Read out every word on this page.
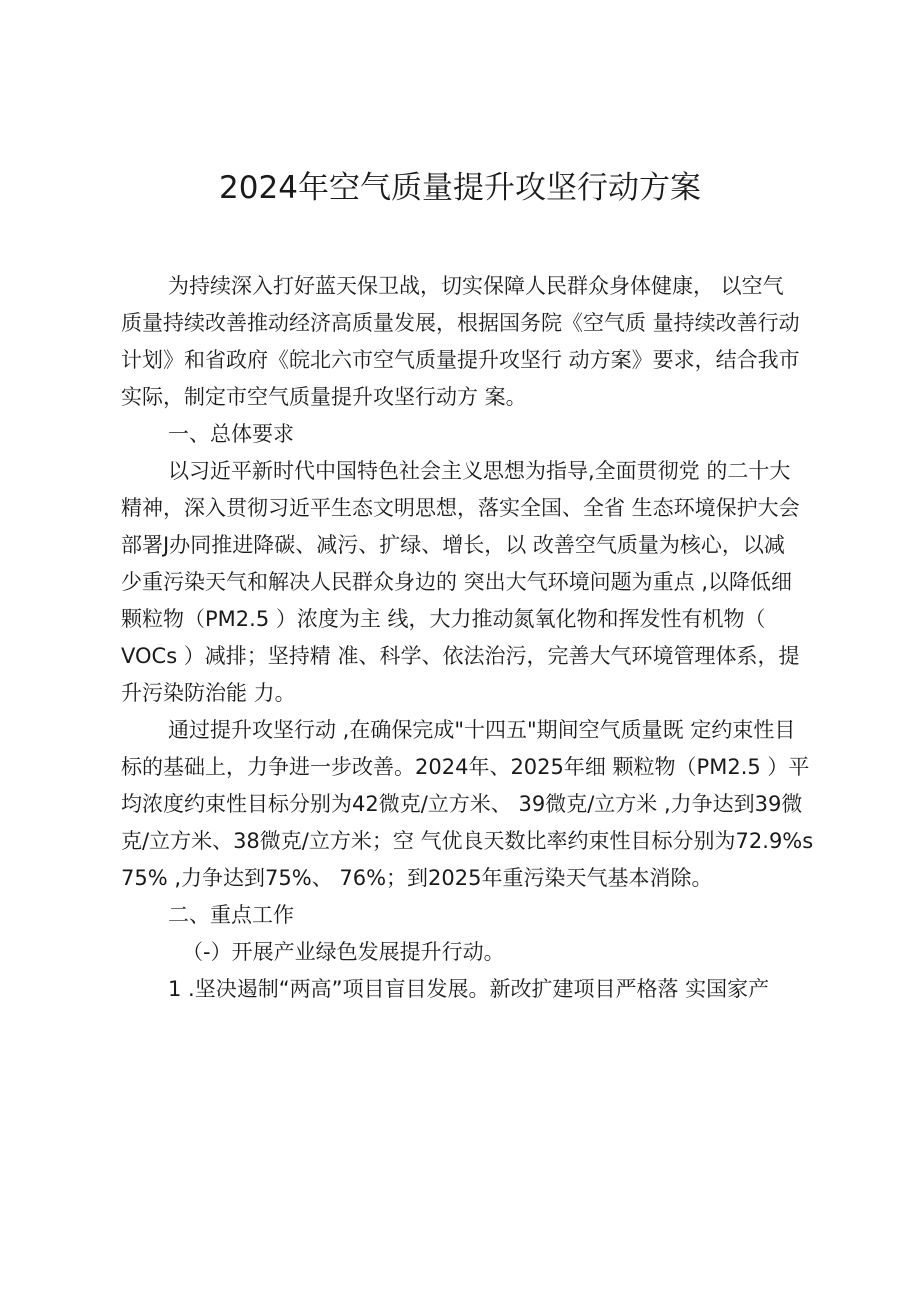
2024年空气质量提升攻坚行动方案
为持续深入打好蓝天保卫战，切实保障人民群众身体健康， 以空气
质量持续改善推动经济高质量发展，根据国务院《空气质 量持续改善行动
计划》和省政府《皖北六市空气质量提升攻坚行 动方案》要求，结合我市
实际，制定市空气质量提升攻坚行动方 案。
一、总体要求
以习近平新时代中国特色社会主义思想为指导,全面贯彻党 的二十大
精神，深入贯彻习近平生态文明思想，落实全国、全省 生态环境保护大会
部署J办同推进降碳、减污、扩绿、增长，以 改善空气质量为核心，以减
少重污染天气和解决人民群众身边的 突出大气环境问题为重点 ,以降低细
颗粒物（PM2.5 ）浓度为主 线，大力推动氮氧化物和挥发性有机物（
VOCs ）减排；坚持精 准、科学、依法治污，完善大气环境管理体系，提
升污染防治能 力。
通过提升攻坚行动 ,在确保完成"十四五"期间空气质量既 定约束性目
标的基础上，力争进一步改善。2024年、2025年细 颗粒物（PM2.5 ）平
均浓度约束性目标分别为42微克/立方米、 39微克/立方米 ,力争达到39微
克/立方米、38微克/立方米；空 气优良天数比率约束性目标分别为72.9%s
75% ,力争达到75%、 76%；到2025年重污染天气基本消除。
二、重点工作
（-）开展产业绿色发展提升行动。
1 .坚决遏制“两高”项目盲目发展。新改扩建项目严格落 实国家产
